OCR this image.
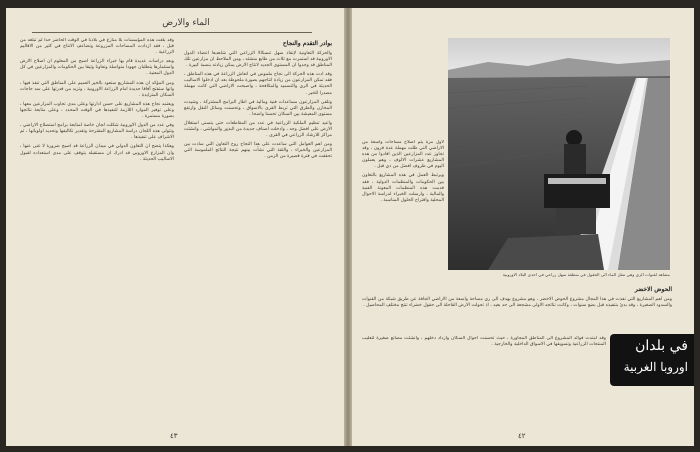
الماء والارض
بوادر التقدم والنجاح

والحركة التعاونية لإنقاذ سهل تنسكالا الزراعي التي شاهدها اعضاء الدول الاوروبية قد استمرت مع ثلاث من طابع منشئه ، ومن الملاحظ ان مزارعين تلك المناطق قد وجدوا ان المستوى الجديد لانتاج الارض يمكن زيادته بنسبة كبيرة .

وقد ادت هذه الحركة الى نجاح ملموس في انعاش الزراعة في هذه المناطق ، فقد تمكن المزارعون من زيادة انتاجهم بصورة ملحوظة بعد ان ادخلوا الاساليب الحديثة في الري والتسميد والمكافحة ، واصبحت الاراضي التي كانت مهملة مصدرا للخير .

وتلقى المزارعون مساعدات فنية ومالية في اطار البرامج المشتركة ، وشيدت المخازن والطرق التي تربط القرى بالاسواق ، وتحسنت وسائل النقل وارتفع مستوى المعيشة بين السكان تحسنا واضحا .

واعيد تنظيم الملكية الزراعية في عدد من المقاطعات حتى يتسنى استغلال الارض على افضل وجه ، وادخلت اصناف جديدة من البذور والمواشي ، وانشئت مراكز للارشاد الزراعي في القرى .

ومن اهم العوامل التي ساعدت على هذا النجاح روح التعاون التي سادت بين المزارعين والخبراء ، والثقة التي نشأت بينهم نتيجة النتائج الملموسة التي تحققت في فترة قصيرة من الزمن .

وقد بلغت هذه المؤسسات بلا منازع في بلادنا في الوقت الحاضر حدا لم تبلغه من قبل ، فقد ازدادت المساحات المزروعة وتضاعف الانتاج في كثير من الاقاليم الزراعية .

وبعد دراسات عديدة قام بها خبراء الزراعة اصبح من المعلوم ان اصلاح الارض واستثمارها يتطلبان جهودا متواصلة وتعاونا وثيقا بين الحكومات والمزارعين في كل الدول المعنية .

ومن المؤكد ان هذه المشاريع ستعود بالخير العميم على المناطق التي تنفذ فيها ، وانها ستفتح آفاقا جديدة امام الزراعة الاوروبية ، وتزيد من قدرتها على سد حاجات السكان المتزايدة .

ويعتمد نجاح هذه المشاريع على حسن ادارتها وعلى مدى تجاوب المزارعين معها ، وعلى توفير الموارد اللازمة لتنفيذها في الوقت المحدد ، وعلى متابعة نتائجها بصورة مستمرة .

وفي عدد من الدول الاوروبية شكلت لجان خاصة لمتابعة برامج استصلاح الاراضي ، وتتولى هذه اللجان دراسة المشاريع المقترحة وتقدير تكاليفها وتحديد اولوياتها ، ثم الاشراف على تنفيذها .

وهكذا يتضح ان التعاون الدولي في ميدان الزراعة قد اصبح ضرورة لا غنى عنها ، وان المزارع الاوروبي قد ادرك ان مستقبله يتوقف على مدى استعداده لقبول الاساليب الحديثة .

٤٣
مشاهد لقنوات الري وهي تنقل الماء الى الحقول في منطقة سهل زراعي في احدى البلاد الاوروبية

لأول مرة يتم اصلاح مساحات واسعة من الاراضي التي ظلت مهملة عدة قرون ، وقد تجاوز عدد المزارعين الذين افادوا من هذه المشاريع عشرات الالوف ، وهم يعملون اليوم في ظروف افضل من ذي قبل .

ويرتبط العمل في هذه المشاريع بالتعاون بين الحكومات والمنظمات الدولية ، فقد قدمت هذه المنظمات المعونة الفنية والمالية ، وارسلت الخبراء لدراسة الاحوال المحلية واقتراح الحلول المناسبة .

الحوض الاخضر

ومن اهم المشاريع التي نفذت في هذا المجال مشروع الحوض الاخضر ، وهو مشروع يهدف الى ري مساحة واسعة من الاراضي الجافة عن طريق شبكة من القنوات والسدود الصغيرة ، وقد بدئ بتنفيذه قبل بضع سنوات ، وكانت نتائجه الاولى مشجعة الى حد بعيد ، اذ تحولت الارض القاحلة الى حقول خضراء تنتج مختلف المحاصيل .

وقد امتدت فوائد المشروع الى المناطق المجاورة ، حيث تحسنت احوال السكان وازداد دخلهم ، وانشئت مصانع صغيرة لتعليب المنتجات الزراعية وتسويقها في الاسواق الداخلية والخارجية . في بلدان
اوروبا الغربية
٤٢
